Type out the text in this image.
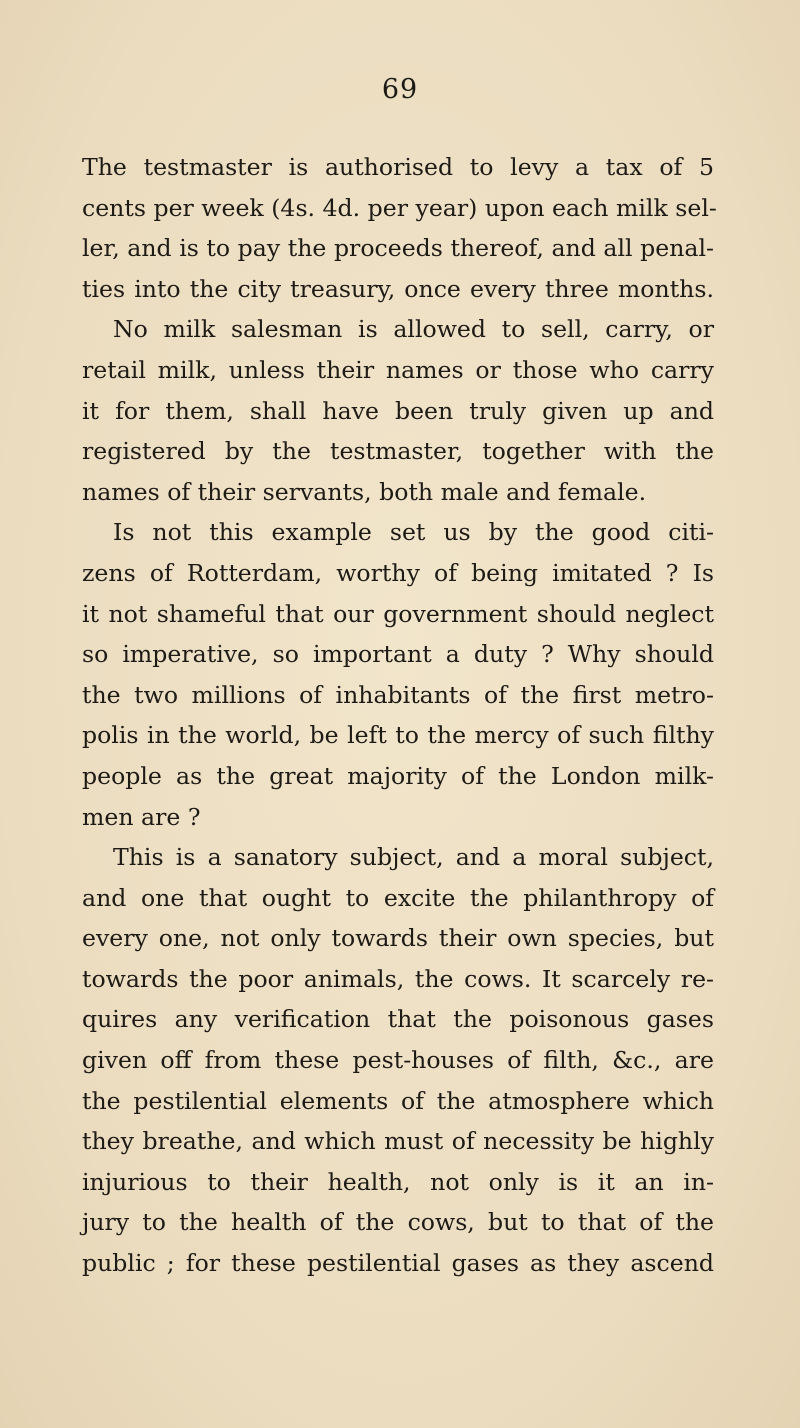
69
The testmaster is authorised to levy a tax of 5
cents per week (4s. 4d. per year) upon each milk sel-
ler, and is to pay the proceeds thereof, and all penal-
ties into the city treasury, once every three months.
No milk salesman is allowed to sell, carry, or
retail milk, unless their names or those who carry
it for them, shall have been truly given up and
registered by the testmaster, together with the
names of their servants, both male and female.
Is not this example set us by the good citi-
zens of Rotterdam, worthy of being imitated ? Is
it not shameful that our government should neglect
so imperative, so important a duty ? Why should
the two millions of inhabitants of the first metro-
polis in the world, be left to the mercy of such filthy
people as the great majority of the London milk-
men are ?
This is a sanatory subject, and a moral subject,
and one that ought to excite the philanthropy of
every one, not only towards their own species, but
towards the poor animals, the cows. It scarcely re-
quires any verification that the poisonous gases
given off from these pest-houses of filth, &c., are
the pestilential elements of the atmosphere which
they breathe, and which must of necessity be highly
injurious to their health, not only is it an in-
jury to the health of the cows, but to that of the
public ; for these pestilential gases as they ascend
